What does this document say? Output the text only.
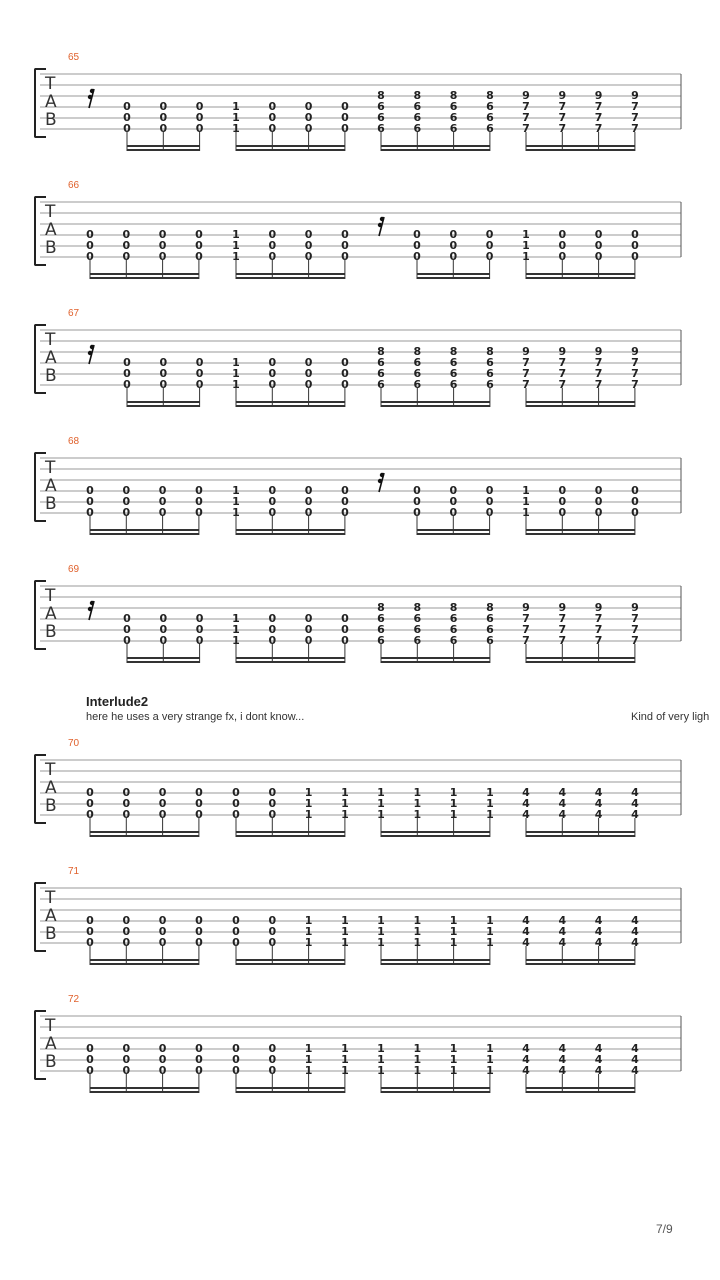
65
T
A
B
0
0
0
0
0
0
0
0
0
1
1
1
0
0
0
0
0
0
0
0
0
8
6
6
6
8
6
6
6
8
6
6
6
8
6
6
6
9
7
7
7
9
7
7
7
9
7
7
7
9
7
7
7
66
T
A
B
0
0
0
0
0
0
0
0
0
0
0
0
1
1
1
0
0
0
0
0
0
0
0
0
0
0
0
0
0
0
0
0
0
1
1
1
0
0
0
0
0
0
0
0
0
67
T
A
B
0
0
0
0
0
0
0
0
0
1
1
1
0
0
0
0
0
0
0
0
0
8
6
6
6
8
6
6
6
8
6
6
6
8
6
6
6
9
7
7
7
9
7
7
7
9
7
7
7
9
7
7
7
68
T
A
B
0
0
0
0
0
0
0
0
0
0
0
0
1
1
1
0
0
0
0
0
0
0
0
0
0
0
0
0
0
0
0
0
0
1
1
1
0
0
0
0
0
0
0
0
0
69
T
A
B
0
0
0
0
0
0
0
0
0
1
1
1
0
0
0
0
0
0
0
0
0
8
6
6
6
8
6
6
6
8
6
6
6
8
6
6
6
9
7
7
7
9
7
7
7
9
7
7
7
9
7
7
7
70
T
A
B
0
0
0
0
0
0
0
0
0
0
0
0
0
0
0
0
0
0
1
1
1
1
1
1
1
1
1
1
1
1
1
1
1
1
1
1
4
4
4
4
4
4
4
4
4
4
4
4
71
T
A
B
0
0
0
0
0
0
0
0
0
0
0
0
0
0
0
0
0
0
1
1
1
1
1
1
1
1
1
1
1
1
1
1
1
1
1
1
4
4
4
4
4
4
4
4
4
4
4
4
72
T
A
B
0
0
0
0
0
0
0
0
0
0
0
0
0
0
0
0
0
0
1
1
1
1
1
1
1
1
1
1
1
1
1
1
1
1
1
1
4
4
4
4
4
4
4
4
4
4
4
4
Interlude2
here he uses a very strange fx, i dont know...	Kind of very ligh
7/9
